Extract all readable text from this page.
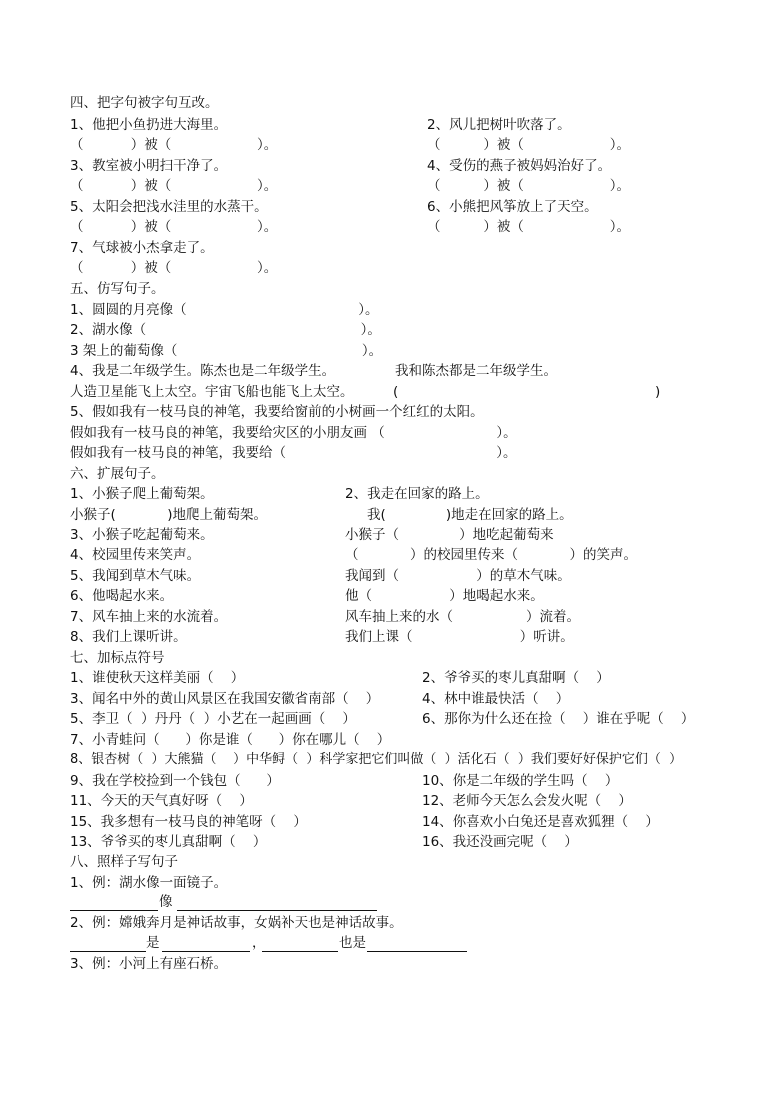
四、把字句被字句互改。
1、他把小鱼扔进大海里。
（           ）被（                    ）。
2、风儿把树叶吹落了。
（          ）被（                    ）。
3、教室被小明扫干净了。
（           ）被（                    ）。
4、受伤的燕子被妈妈治好了。
（          ）被（                    ）。
5、太阳会把浅水洼里的水蒸干。
（           ）被（                    ）。
6、小熊把风筝放上了天空。
（          ）被（                    ）。
7、气球被小杰拿走了。
（           ）被（                    ）。
五、仿写句子。
1、圆圆的月亮像（                                        ）。
2、湖水像（                                                  ）。
3 架上的葡萄像（                                           ）。
4、我是二年级学生。陈杰也是二年级学生。	我和陈杰都是二年级学生。
人造卫星能飞上太空。宇宙飞船也能飞上太空。	(	)
5、假如我有一枝马良的神笔，我要给窗前的小树画一个红红的太阳。
假如我有一枝马良的神笔，我要给灾区的小朋友画 （                          ）。
假如我有一枝马良的神笔，我要给（                                                 ）。
六、扩展句子。
1、小猴子爬上葡萄架。	2、我走在回家的路上。
小猴子(            )地爬上葡萄架。	我(              )地走在回家的路上。
3、小猴子吃起葡萄来。	小猴子（              ）地吃起葡萄来
4、校园里传来笑声。	（            ）的校园里传来（            ）的笑声。
5、我闻到草木气味。	我闻到（                  ）的草木气味。
6、他喝起水来。	他（                  ）地喝起水来。
7、风车抽上来的水流着。	风车抽上来的水（                 ）流着。
8、我们上课听讲。	我们上课（                         ）听讲。
七、加标点符号
1、谁使秋天这样美丽（    ）	2、爷爷买的枣儿真甜啊（    ）
3、闻名中外的黄山风景区在我国安徽省南部（    ）	4、林中谁最快活（    ）
5、李卫（  ）丹丹（  ）小艺在一起画画（    ）	6、那你为什么还在捡（    ）谁在乎呢（    ）
7、小青蛙问（      ）你是谁（      ）你在哪儿（    ）
8、银杏树（  ）大熊猫（    ）中华鲟（  ）科学家把它们叫做（  ）活化石（  ）我们要好好保护它们（  ）
9、我在学校捡到一个钱包（      ）	10、你是二年级的学生吗（    ）
11、今天的天气真好呀（    ）	12、老师今天怎么会发火呢（    ）
15、我多想有一枝马良的神笔呀（    ）	14、你喜欢小白兔还是喜欢狐狸（    ）
13、爷爷买的枣儿真甜啊（    ）	16、我还没画完呢（    ）
八、照样子写句子
1、例：湖水像一面镜子。
像
2、例：嫦娥奔月是神话故事，女娲补天也是神话故事。
是	，	也是
3、例：小河上有座石桥。
